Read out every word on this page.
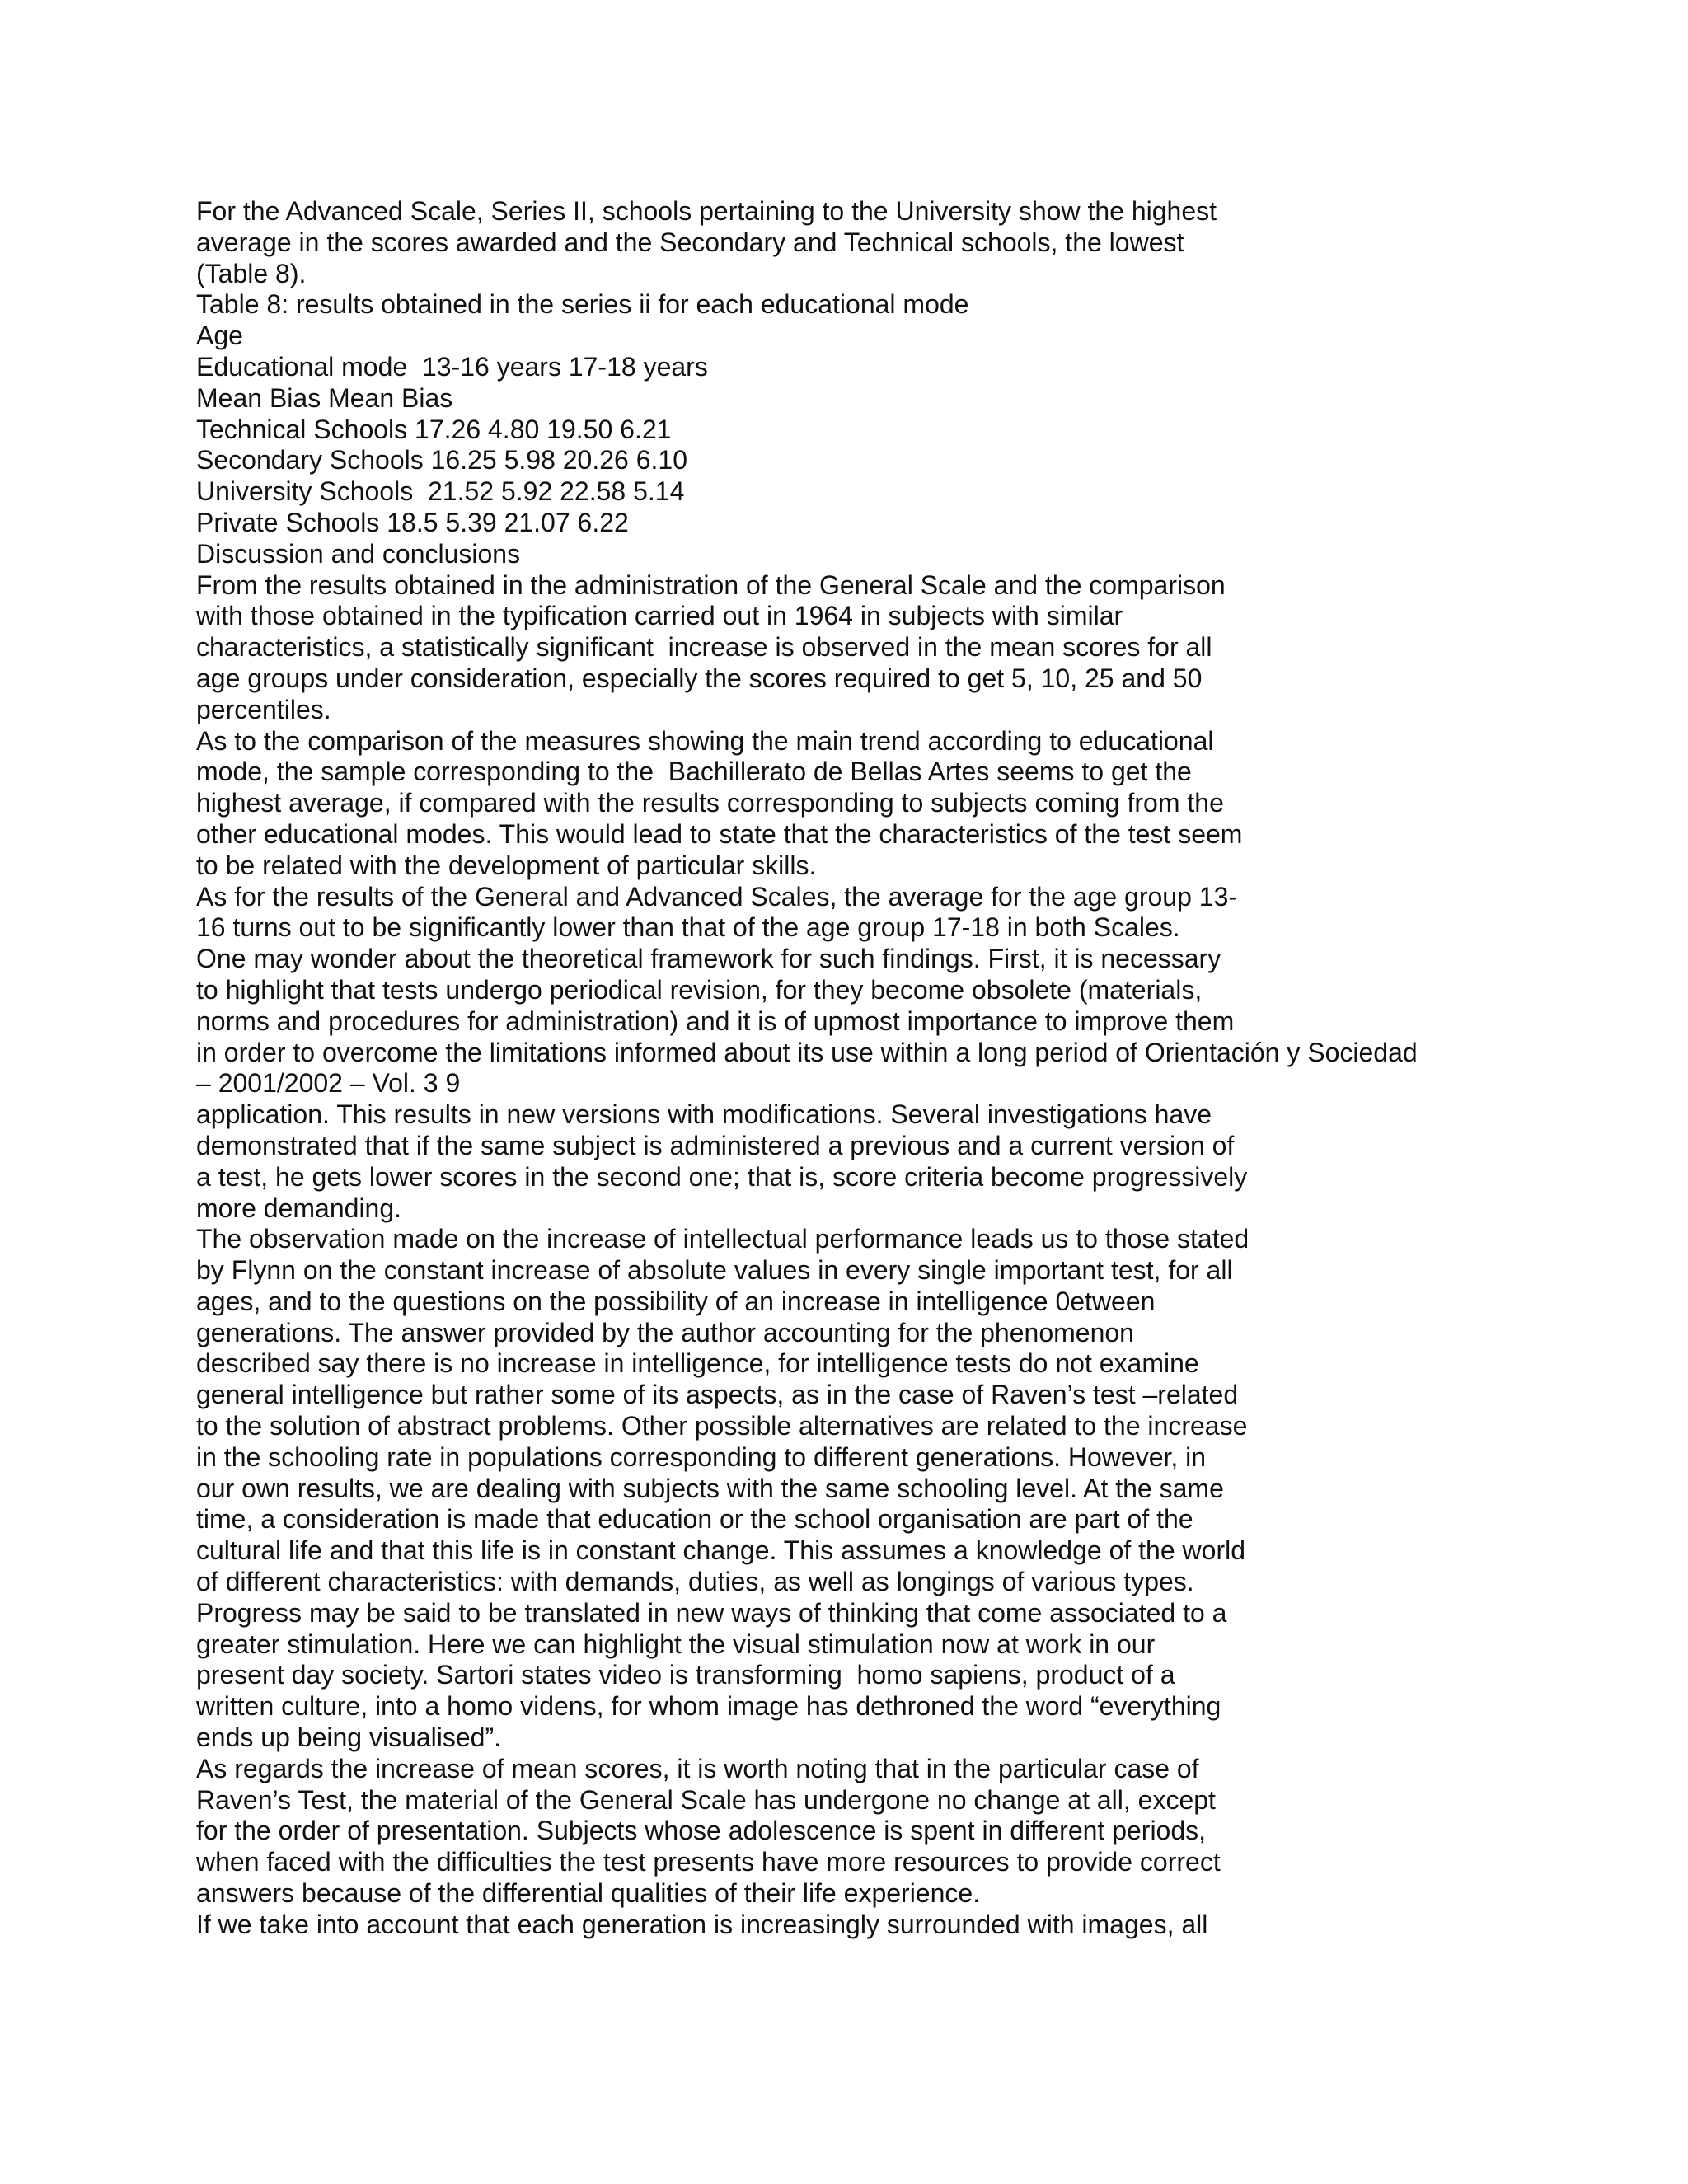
For the Advanced Scale, Series II, schools pertaining to the University show the highest
average in the scores awarded and the Secondary and Technical schools, the lowest
(Table 8).
Table 8: results obtained in the series ii for each educational mode
Age
Educational mode  13-16 years 17-18 years
Mean Bias Mean Bias
Technical Schools 17.26 4.80 19.50 6.21
Secondary Schools 16.25 5.98 20.26 6.10
University Schools  21.52 5.92 22.58 5.14
Private Schools 18.5 5.39 21.07 6.22
Discussion and conclusions
From the results obtained in the administration of the General Scale and the comparison
with those obtained in the typification carried out in 1964 in subjects with similar
characteristics, a statistically significant  increase is observed in the mean scores for all
age groups under consideration, especially the scores required to get 5, 10, 25 and 50
percentiles.
As to the comparison of the measures showing the main trend according to educational
mode, the sample corresponding to the  Bachillerato de Bellas Artes seems to get the
highest average, if compared with the results corresponding to subjects coming from the
other educational modes. This would lead to state that the characteristics of the test seem
to be related with the development of particular skills.
As for the results of the General and Advanced Scales, the average for the age group 13-
16 turns out to be significantly lower than that of the age group 17-18 in both Scales.
One may wonder about the theoretical framework for such findings. First, it is necessary
to highlight that tests undergo periodical revision, for they become obsolete (materials,
norms and procedures for administration) and it is of upmost importance to improve them
in order to overcome the limitations informed about its use within a long period of Orientación y Sociedad
– 2001/2002 – Vol. 3 9
application. This results in new versions with modifications. Several investigations have
demonstrated that if the same subject is administered a previous and a current version of
a test, he gets lower scores in the second one; that is, score criteria become progressively
more demanding.
The observation made on the increase of intellectual performance leads us to those stated
by Flynn on the constant increase of absolute values in every single important test, for all
ages, and to the questions on the possibility of an increase in intelligence 0etween
generations. The answer provided by the author accounting for the phenomenon
described say there is no increase in intelligence, for intelligence tests do not examine
general intelligence but rather some of its aspects, as in the case of Raven’s test –related
to the solution of abstract problems. Other possible alternatives are related to the increase
in the schooling rate in populations corresponding to different generations. However, in
our own results, we are dealing with subjects with the same schooling level. At the same
time, a consideration is made that education or the school organisation are part of the
cultural life and that this life is in constant change. This assumes a knowledge of the world
of different characteristics: with demands, duties, as well as longings of various types.
Progress may be said to be translated in new ways of thinking that come associated to a
greater stimulation. Here we can highlight the visual stimulation now at work in our
present day society. Sartori states video is transforming  homo sapiens, product of a
written culture, into a homo videns, for whom image has dethroned the word “everything
ends up being visualised”.
As regards the increase of mean scores, it is worth noting that in the particular case of
Raven’s Test, the material of the General Scale has undergone no change at all, except
for the order of presentation. Subjects whose adolescence is spent in different periods,
when faced with the difficulties the test presents have more resources to provide correct
answers because of the differential qualities of their life experience.
If we take into account that each generation is increasingly surrounded with images, all
